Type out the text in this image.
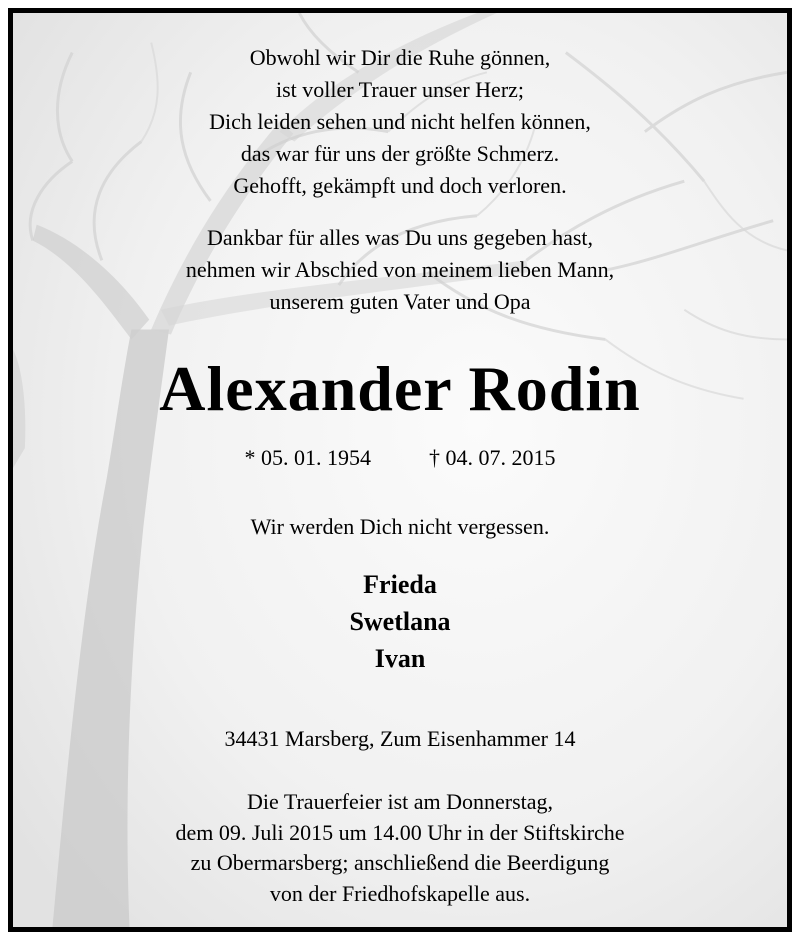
Obwohl wir Dir die Ruhe gönnen,
ist voller Trauer unser Herz;
Dich leiden sehen und nicht helfen können,
das war für uns der größte Schmerz.
Gehofft, gekämpft und doch verloren.
Dankbar für alles was Du uns gegeben hast,
nehmen wir Abschied von meinem lieben Mann,
unserem guten Vater und Opa
Alexander Rodin
* 05. 01. 1954	† 04. 07. 2015
Wir werden Dich nicht vergessen.
Frieda
Swetlana
Ivan
34431 Marsberg, Zum Eisenhammer 14
Die Trauerfeier ist am Donnerstag,
dem 09. Juli 2015 um 14.00 Uhr in der Stiftskirche
zu Obermarsberg; anschließend die Beerdigung
von der Friedhofskapelle aus.
